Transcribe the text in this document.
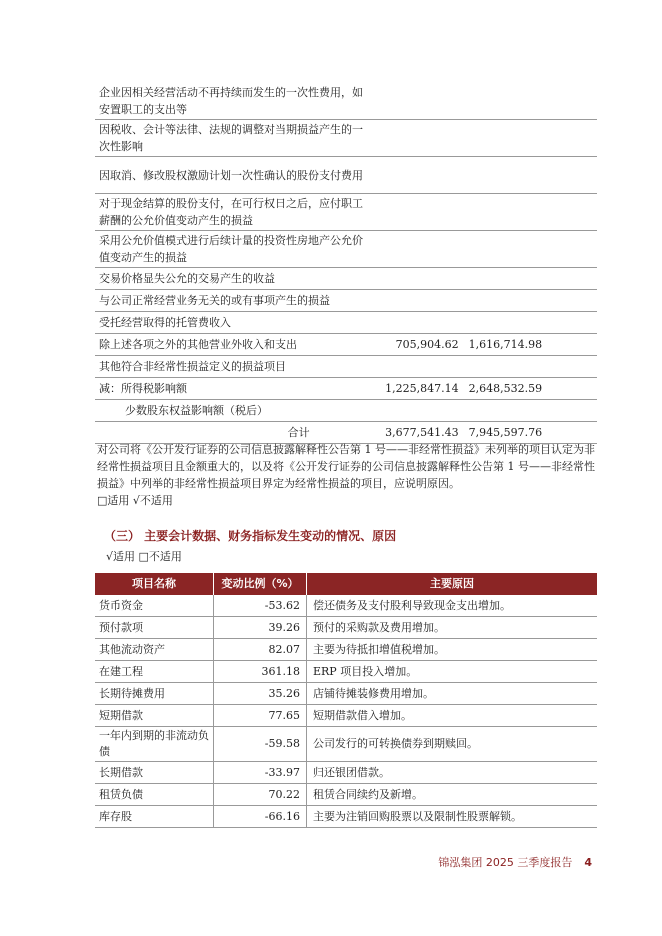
企业因相关经营活动不再持续而发生的一次性费用，如安置职工的支出等			
因税收、会计等法律、法规的调整对当期损益产生的一次性影响			
因取消、修改股权激励计划一次性确认的股份支付费用			
对于现金结算的股份支付，在可行权日之后，应付职工薪酬的公允价值变动产生的损益			
采用公允价值模式进行后续计量的投资性房地产公允价值变动产生的损益			
交易价格显失公允的交易产生的收益			
与公司正常经营业务无关的或有事项产生的损益			
受托经营取得的托管费收入			
除上述各项之外的其他营业外收入和支出	705,904.62	1,616,714.98	
其他符合非经常性损益定义的损益项目			
减：所得税影响额	1,225,847.14	2,648,532.59	
少数股东权益影响额（税后）			
合计	3,677,541.43	7,945,597.76	

对公司将《公开发行证券的公司信息披露解释性公告第 1 号——非经常性损益》未列举的项目认定为非经常性损益项目且金额重大的，以及将《公开发行证券的公司信息披露解释性公告第 1 号——非经常性损益》中列举的非经常性损益项目界定为经常性损益的项目，应说明原因。

□适用 √不适用

（三） 主要会计数据、财务指标发生变动的情况、原因
√适用 □不适用
项目名称	变动比例（%）	主要原因
货币资金	-53.62	偿还债务及支付股利导致现金支出增加。
预付款项	39.26	预付的采购款及费用增加。
其他流动资产	82.07	主要为待抵扣增值税增加。
在建工程	361.18	ERP 项目投入增加。
长期待摊费用	35.26	店铺待摊装修费用增加。
短期借款	77.65	短期借款借入增加。
一年内到期的非流动负债	-59.58	公司发行的可转换债券到期赎回。
长期借款	-33.97	归还银团借款。
租赁负债	70.22	租赁合同续约及新增。
库存股	-66.16	主要为注销回购股票以及限制性股票解锁。
锦泓集团 2025 三季度报告 4
